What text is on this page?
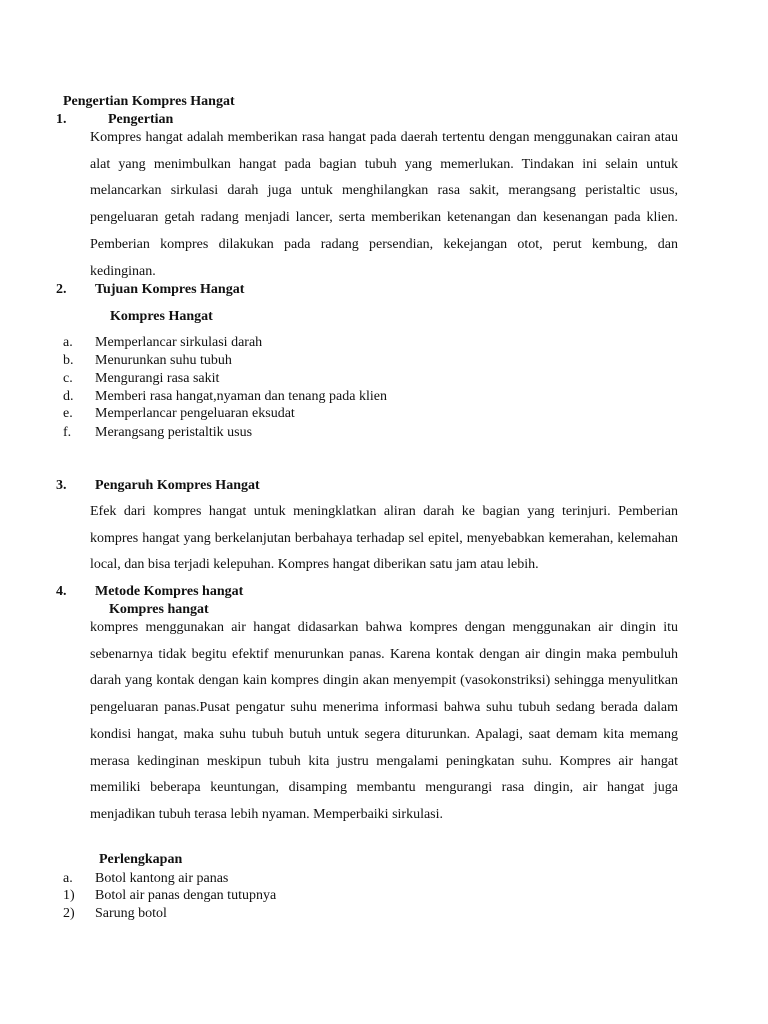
Pengertian Kompres Hangat
1.	Pengertian
Kompres hangat adalah memberikan rasa hangat pada daerah tertentu dengan menggunakan cairan atau alat yang menimbulkan hangat pada bagian tubuh yang memerlukan. Tindakan ini selain untuk melancarkan sirkulasi darah juga untuk menghilangkan rasa sakit, merangsang peristaltic usus, pengeluaran getah radang menjadi lancer, serta memberikan ketenangan dan kesenangan pada klien. Pemberian kompres dilakukan pada radang persendian, kekejangan otot, perut kembung, dan kedinginan.
2. Tujuan Kompres Hangat
Kompres Hangat
a. Memperlancar sirkulasi darah
b. Menurunkan suhu tubuh
c. Mengurangi rasa sakit
d. Memberi rasa hangat,nyaman dan tenang pada klien
e. Memperlancar pengeluaran eksudat
f. Merangsang peristaltik usus
3. Pengaruh Kompres Hangat
Efek dari kompres hangat untuk meningklatkan aliran darah ke bagian yang terinjuri. Pemberian kompres hangat yang berkelanjutan berbahaya terhadap sel epitel, menyebabkan kemerahan, kelemahan local, dan bisa terjadi kelepuhan. Kompres hangat diberikan satu jam atau lebih.
4. Metode Kompres hangat
Kompres hangat
kompres menggunakan air hangat didasarkan bahwa kompres dengan menggunakan air dingin itu sebenarnya tidak begitu efektif menurunkan panas. Karena kontak dengan air dingin maka pembuluh darah yang kontak dengan kain kompres dingin akan menyempit (vasokonstriksi) sehingga menyulitkan pengeluaran panas.Pusat pengatur suhu menerima informasi bahwa suhu tubuh sedang berada dalam kondisi hangat, maka suhu tubuh butuh untuk segera diturunkan. Apalagi, saat demam kita memang merasa kedinginan meskipun tubuh kita justru mengalami peningkatan suhu. Kompres air hangat memiliki beberapa keuntungan, disamping membantu mengurangi rasa dingin, air hangat juga menjadikan tubuh terasa lebih nyaman. Memperbaiki sirkulasi.
Perlengkapan
a. Botol kantong air panas
1) Botol air panas dengan tutupnya
2) Sarung botol
